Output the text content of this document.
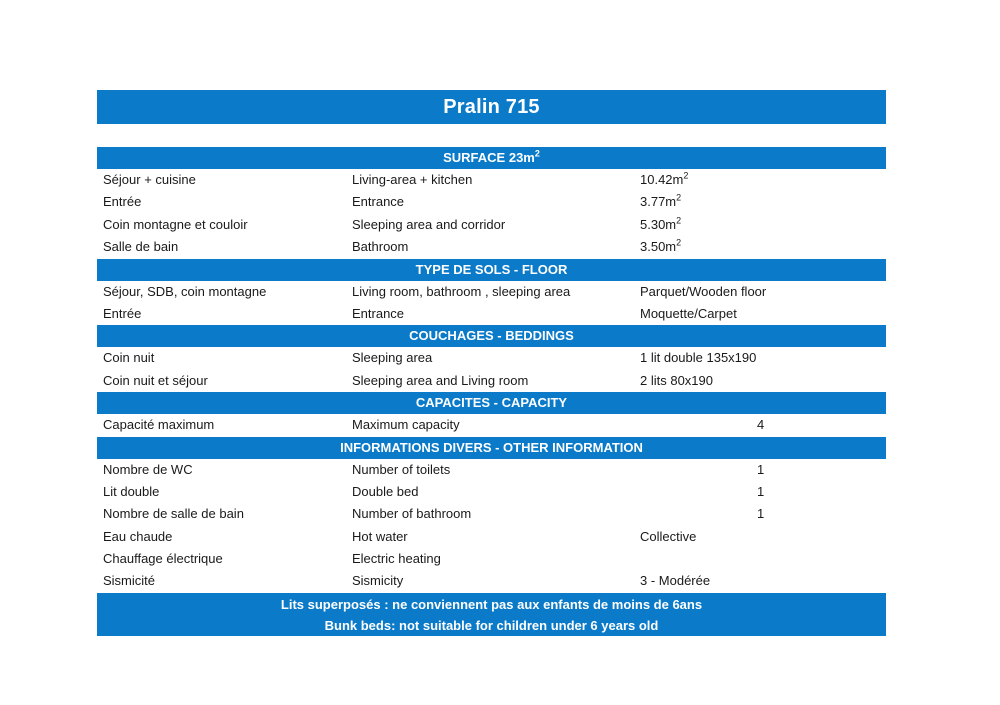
Pralin 715
SURFACE $23m^2$
Séjour + cuisine	Living-area + kitchen	$10.42m^2$
Entrée	Entrance	$3.77m^2$
Coin montagne et couloir	Sleeping area and corridor	$5.30m^2$
Salle de bain	Bathroom	$3.50m^2$
TYPE DE SOLS - FLOOR
Séjour, SDB, coin montagne	Living room, bathroom , sleeping area	Parquet/Wooden floor
Entrée	Entrance	Moquette/Carpet
COUCHAGES - BEDDINGS
Coin nuit	Sleeping area	1 lit double 135x190
Coin nuit et séjour	Sleeping area and Living room	2 lits 80x190
CAPACITES - CAPACITY
Capacité maximum	Maximum capacity	4
INFORMATIONS DIVERS - OTHER INFORMATION
Nombre de WC	Number of toilets	1
Lit double	Double bed	1
Nombre de salle de bain	Number of bathroom	1
Eau chaude	Hot water	Collective
Chauffage électrique	Electric heating
Sismicité	Sismicity	3 - Modérée
Lits superposés : ne conviennent pas aux enfants de moins de 6ans
Bunk beds: not suitable for children under 6 years old
